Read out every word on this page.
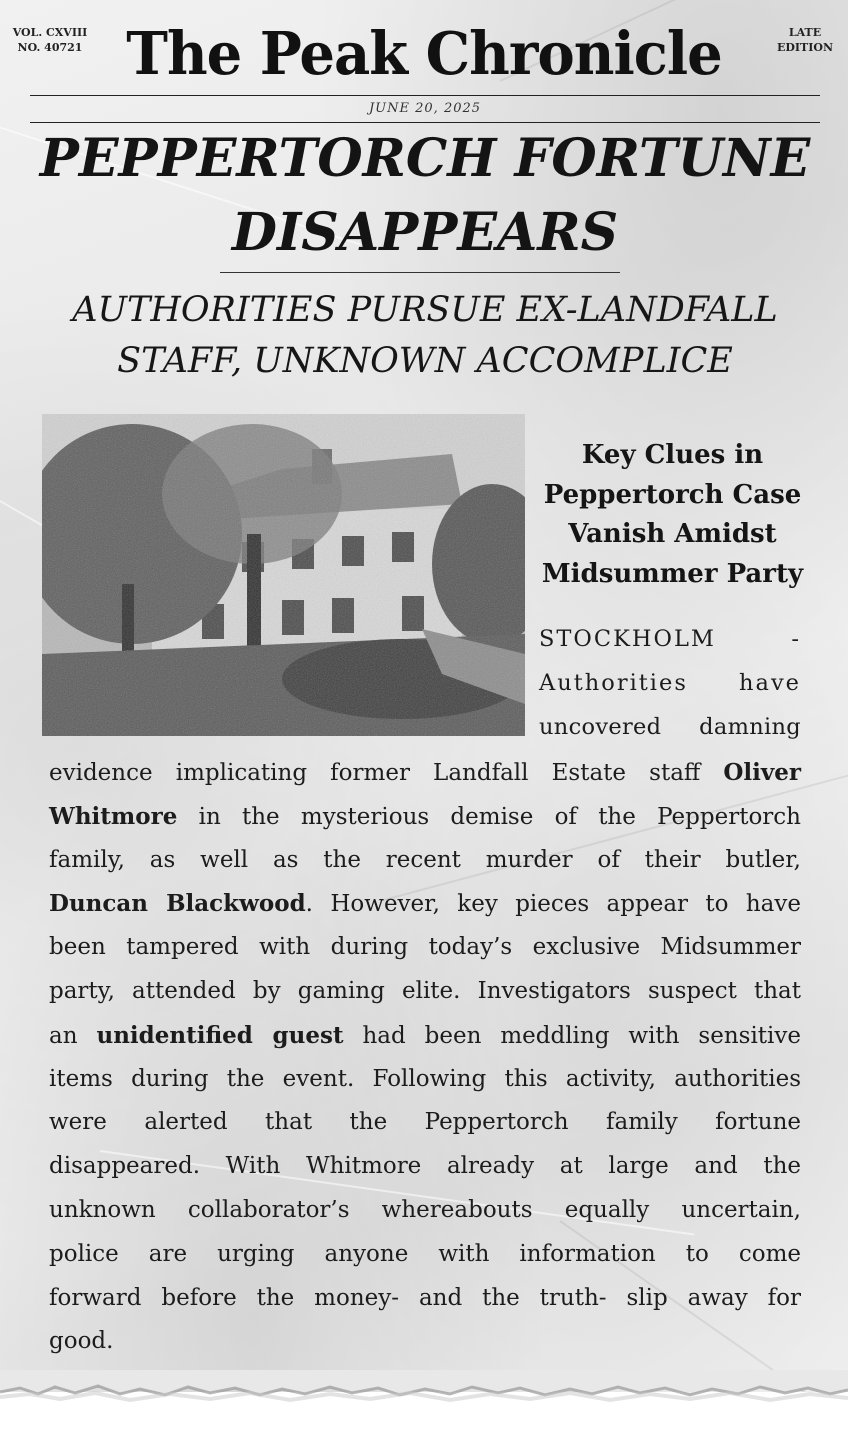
VOL. CXVIII
NO. 40721 The Peak Chronicle	LATE
EDITION
JUNE 20, 2025
PEPPERTORCH FORTUNE
DISAPPEARS
AUTHORITIES PURSUE EX-LANDFALL
STAFF, UNKNOWN ACCOMPLICE
Key Clues in
Peppertorch Case
Vanish Amidst
Midsummer Party
STOCKHOLM -
Authorities have
uncovered damning
evidence implicating former Landfall Estate staff Oliver
Whitmore in the mysterious demise of the Peppertorch
family, as well as the recent murder of their butler,
Duncan Blackwood. However, key pieces appear to have
been tampered with during today’s exclusive Midsummer
party, attended by gaming elite. Investigators suspect that
an unidentified guest had been meddling with sensitive
items during the event. Following this activity, authorities
were alerted that the Peppertorch family fortune
disappeared. With Whitmore already at large and the
unknown collaborator’s whereabouts equally uncertain,
police are urging anyone with information to come
forward before the money- and the truth- slip away for
good.
